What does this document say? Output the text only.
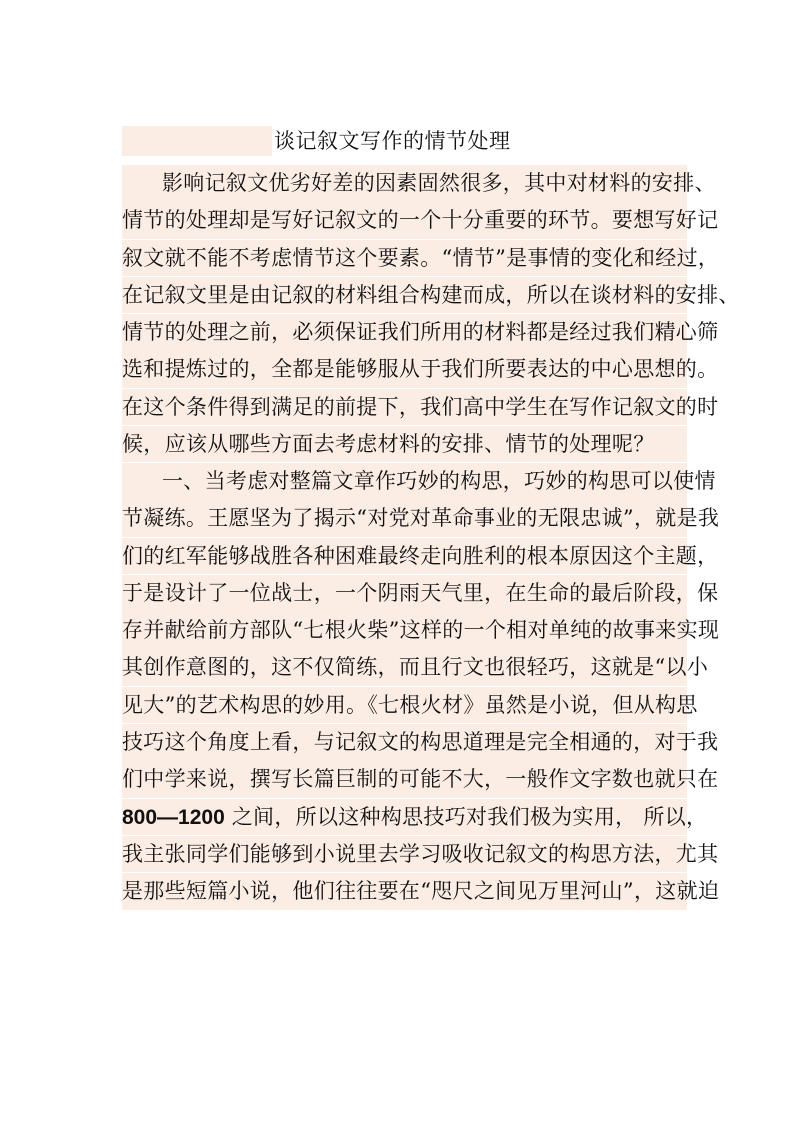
谈记叙文写作的情节处理
影响记叙文优劣好差的因素固然很多，其中对材料的安排、
情节的处理却是写好记叙文的一个十分重要的环节。要想写好记
叙文就不能不考虑情节这个要素。“情节”是事情的变化和经过，
在记叙文里是由记叙的材料组合构建而成，所以在谈材料的安排、
情节的处理之前，必须保证我们所用的材料都是经过我们精心筛
选和提炼过的，全都是能够服从于我们所要表达的中心思想的。
在这个条件得到满足的前提下，我们高中学生在写作记叙文的时
候，应该从哪些方面去考虑材料的安排、情节的处理呢？
一、当考虑对整篇文章作巧妙的构思，巧妙的构思可以使情
节凝练。王愿坚为了揭示“对党对革命事业的无限忠诚”，就是我
们的红军能够战胜各种困难最终走向胜利的根本原因这个主题，
于是设计了一位战士，一个阴雨天气里，在生命的最后阶段，保
存并献给前方部队“七根火柴”这样的一个相对单纯的故事来实现
其创作意图的，这不仅简练，而且行文也很轻巧，这就是“以小
见大”的艺术构思的妙用。《七根火材》虽然是小说，但从构思
技巧这个角度上看，与记叙文的构思道理是完全相通的，对于我
们中学来说，撰写长篇巨制的可能不大，一般作文字数也就只在
800—1200 之间，所以这种构思技巧对我们极为实用， 所以，
我主张同学们能够到小说里去学习吸收记叙文的构思方法，尤其
是那些短篇小说，他们往往要在“咫尺之间见万里河山”，这就迫
